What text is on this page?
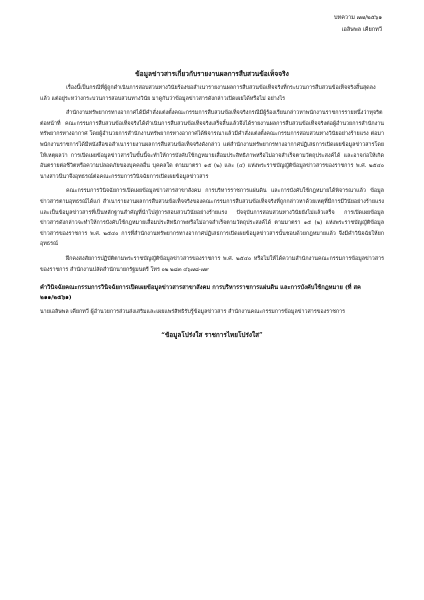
บทความ ๗๗/๒๕๖๑
เอลิษพล เคียกทวี
ข้อมูลข่าวสารเกี่ยวกับรายงานผลการสืบสวนข้อเท็จจริง

เรื่องนี้เป็นกรณีที่ผู้ถูกดำเนินการสอบสวนทางวินัยร้องขอสำเนารายงานผลการสืบสวนข้อเท็จจริงที่กระบวนการสืบสวนข้อเท็จจริงสิ้นสุดลงแล้ว แต่อยู่ระหว่างกระบวนการสอบสวนทางวินัย มาดูกันว่าข้อมูลข่าวสารดังกล่าวเปิดเผยได้หรือไม่ อย่างไร

สำนักงานทรัพยากรทางอากาศได้มีคำสั่งแต่งตั้งคณะกรรมการสืบสวนข้อเท็จจริงกรณีมีผู้ร้องเรียนกล่าวหาพนักงานราชการรายหนึ่งว่าทุจริตต่อหน้าที่ คณะกรรมการสืบสวนข้อเท็จจริงได้ดำเนินการสืบสวนข้อเท็จจริงเสร็จสิ้นแล้วจึงได้รายงานผลการสืบสวนข้อเท็จจริงต่อผู้อำนวยการสำนักงานทรัพยากรทางอากาศ โดยผู้อำนวยการสำนักงานทรัพยากรทางอากาศได้พิจารณาแล้วมีคำสั่งแต่งตั้งคณะกรรมการสอบสวนทางวินัยอย่างร้ายแรง ต่อมาพนักงานราชการได้มีหนังสือขอสำเนารายงานผลการสืบสวนข้อเท็จจริงดังกล่าว แต่สำนักงานทรัพยากรทางอากาศปฏิเสธการเปิดเผยข้อมูลข่าวสารโดยให้เหตุผลว่า การเปิดเผยข้อมูลข่าวสารในขั้นนี้จะทำให้การบังคับใช้กฎหมายเสื่อมประสิทธิภาพหรือไม่อาจสำเร็จตามวัตถุประสงค์ได้ และอาจก่อให้เกิดอันตรายต่อชีวิตหรือความปลอดภัยของบุคคลอื่น บุคคลใด ตามมาตรา ๑๕ (๒) และ (๔) แห่งพระราชบัญญัติข้อมูลข่าวสารของราชการ พ.ศ. ๒๕๔๐ นางสาวนีนาจึงอุทธรณ์ต่อคณะกรรมการวินิจฉัยการเปิดเผยข้อมูลข่าวสาร

คณะกรรมการวินิจฉัยการเปิดเผยข้อมูลข่าวสารสาขาสังคม การบริหารราชการแผ่นดิน และการบังคับใช้กฎหมายได้พิจารณาแล้ว ข้อมูลข่าวสารตามอุทธรณ์ได้แก่ สำเนารายงานผลการสืบสวนข้อเท็จจริงของคณะกรรมการสืบสวนข้อเท็จจริงที่ถูกกล่าวหาด้วยเหตุที่มีการมีวินัยอย่างร้ายแรง และเป็นข้อมูลข่าวสารที่เป็นหลักฐานสำคัญที่นำไปสู่การสอบสวนวินัยอย่างร้ายแรง ปัจจุบันการสอบสวนทางวินัยยังไม่แล้วเสร็จ การเปิดเผยข้อมูลข่าวสารดังกล่าวจะทำให้การบังคับใช้กฎหมายเสื่อมประสิทธิภาพหรือไม่อาจสำเร็จตามวัตถุประสงค์ได้ ตามมาตรา ๑๕ (๒) แห่งพระราชบัญญัติข้อมูลข่าวสารของราชการ พ.ศ. ๒๕๔๐ การที่สำนักงานทรัพยากรทางอากาศปฏิเสธการเปิดเผยข้อมูลข่าวสารนั้นชอบด้วยกฎหมายแล้ว จึงมีคำวินิจฉัยให้ยกอุทธรณ์

ฝึกคงสงสัยการปฏิบัติตามพระราชบัญญัติข้อมูลข่าวสารของราชการ พ.ศ. ๒๕๔๐ หรือไม่ให้ได้ความสำนักงานคณะกรรมการข้อมูลข่าวสารของราชการ สำนักงานปลัดสำนักนายกรัฐมนตรี โทร ๐๒ ๒๘๓ ๔๖๗๘-๗๙

คำวินิจฉัยคณะกรรมการวินิจฉัยการเปิดเผยข้อมูลข่าวสารสาขาสังคม การบริหารราชการแผ่นดิน และการบังคับใช้กฎหมาย (ที่ สค ๒๑๑/๒๕๖๑)

นายเอลิษพล เคียกทวี ผู้อำนวยการส่วนส่งเสริมและเผยแพร่สิทธิรับรู้ข้อมูลข่าวสาร สำนักงานคณะกรรมการข้อมูลข่าวสารของราชการ

“ข้อมูลโปร่งใส ราชการไทยโปร่งใส”
